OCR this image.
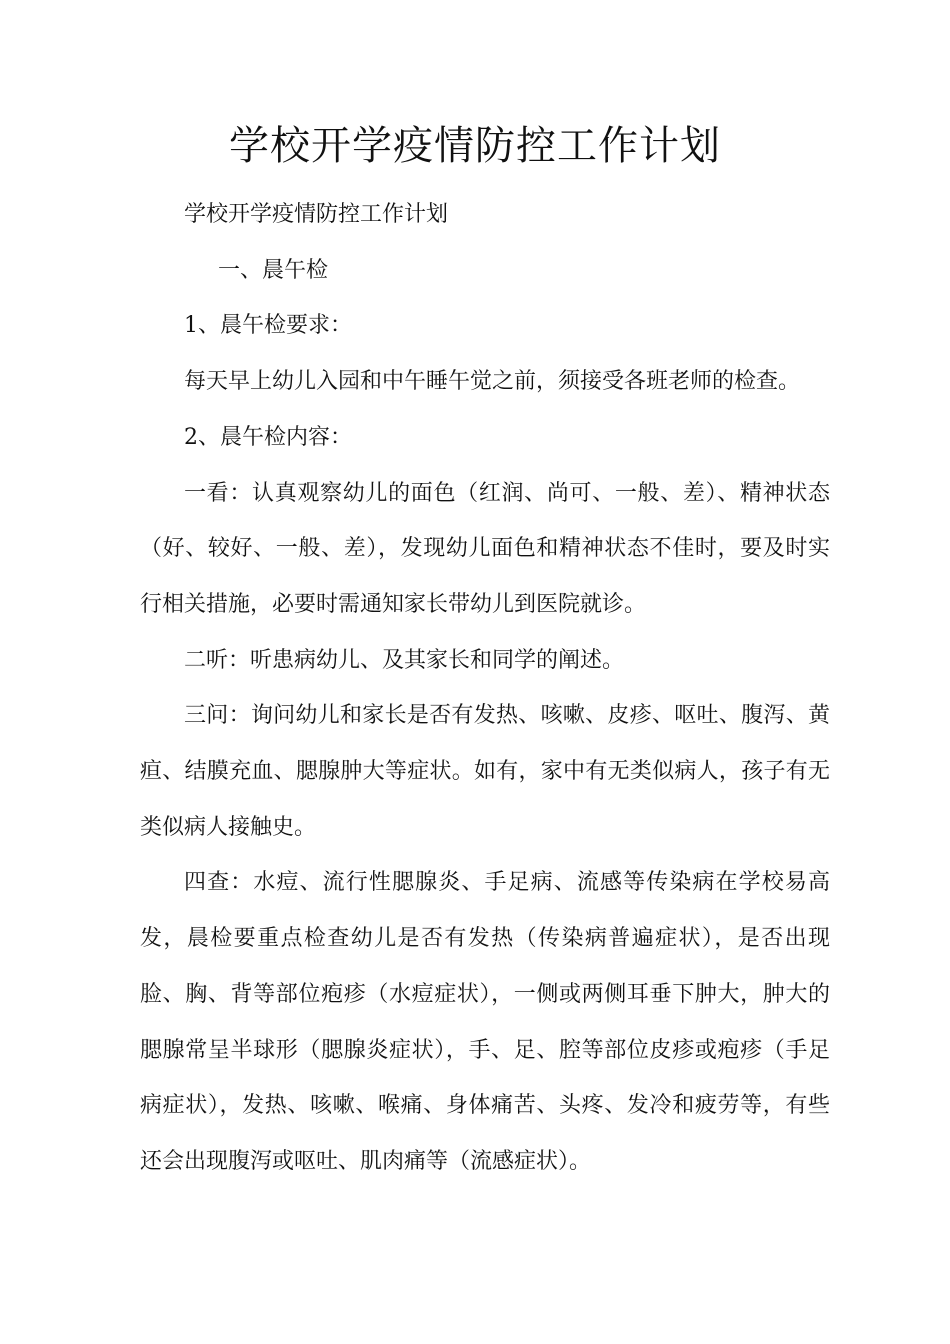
学校开学疫情防控工作计划

学校开学疫情防控工作计划

一、晨午检

1、晨午检要求：

每天早上幼儿入园和中午睡午觉之前，须接受各班老师的检查。

2、晨午检内容：

一看：认真观察幼儿的面色（红润、尚可、一般、差）、精神状态（好、较好、一般、差），发现幼儿面色和精神状态不佳时，要及时实行相关措施，必要时需通知家长带幼儿到医院就诊。

二听：听患病幼儿、及其家长和同学的阐述。

三问：询问幼儿和家长是否有发热、咳嗽、皮疹、呕吐、腹泻、黄疸、结膜充血、腮腺肿大等症状。如有，家中有无类似病人，孩子有无类似病人接触史。

四查：水痘、流行性腮腺炎、手足病、流感等传染病在学校易高发，晨检要重点检查幼儿是否有发热（传染病普遍症状），是否出现脸、胸、背等部位疱疹（水痘症状），一侧或两侧耳垂下肿大，肿大的腮腺常呈半球形（腮腺炎症状），手、足、腔等部位皮疹或疱疹（手足病症状），发热、咳嗽、喉痛、身体痛苦、头疼、发冷和疲劳等，有些还会出现腹泻或呕吐、肌肉痛等（流感症状）。
